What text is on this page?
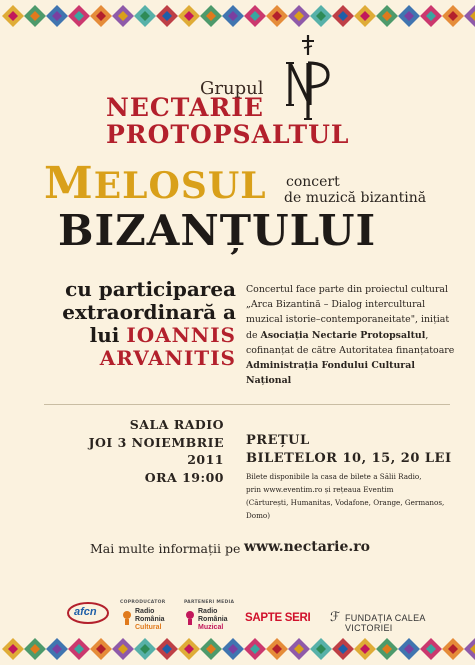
Grupul
NECTARIE
PROTOPSALTUL
MELOSUL concert
de muzică bizantină
BIZANȚULUI
cu participarea
extraordinară a
lui IOANNIS
ARVANITIS
Concertul face parte din proiectul cultural „Arca Bizantină – Dialog intercultural muzical istorie–contemporaneitate", inițiat de Asociația Nectarie Protopsaltul, cofinanțat de către Autoritatea finanțatoare Administrația Fondului Cultural Național
SALA RADIO
JOI 3 NOIEMBRIE 2011
ORA 19:00
PREȚUL
BILETELOR 10, 15, 20 LEI
Bilete disponibile la casa de bilete a Sălii Radio,
prin www.eventim.ro și rețeaua Eventim
(Cărturești, Humanitas, Vodafone, Orange, Germanos, Domo)
Mai multe informații pe www.nectarie.ro
afcn
COPRODUCATOR
Radio
România
Cultural
PARTENERI MEDIA
Radio
România
Muzical
SAPTE SERI ℱ FUNDAȚIA CALEA VICTORIEI
